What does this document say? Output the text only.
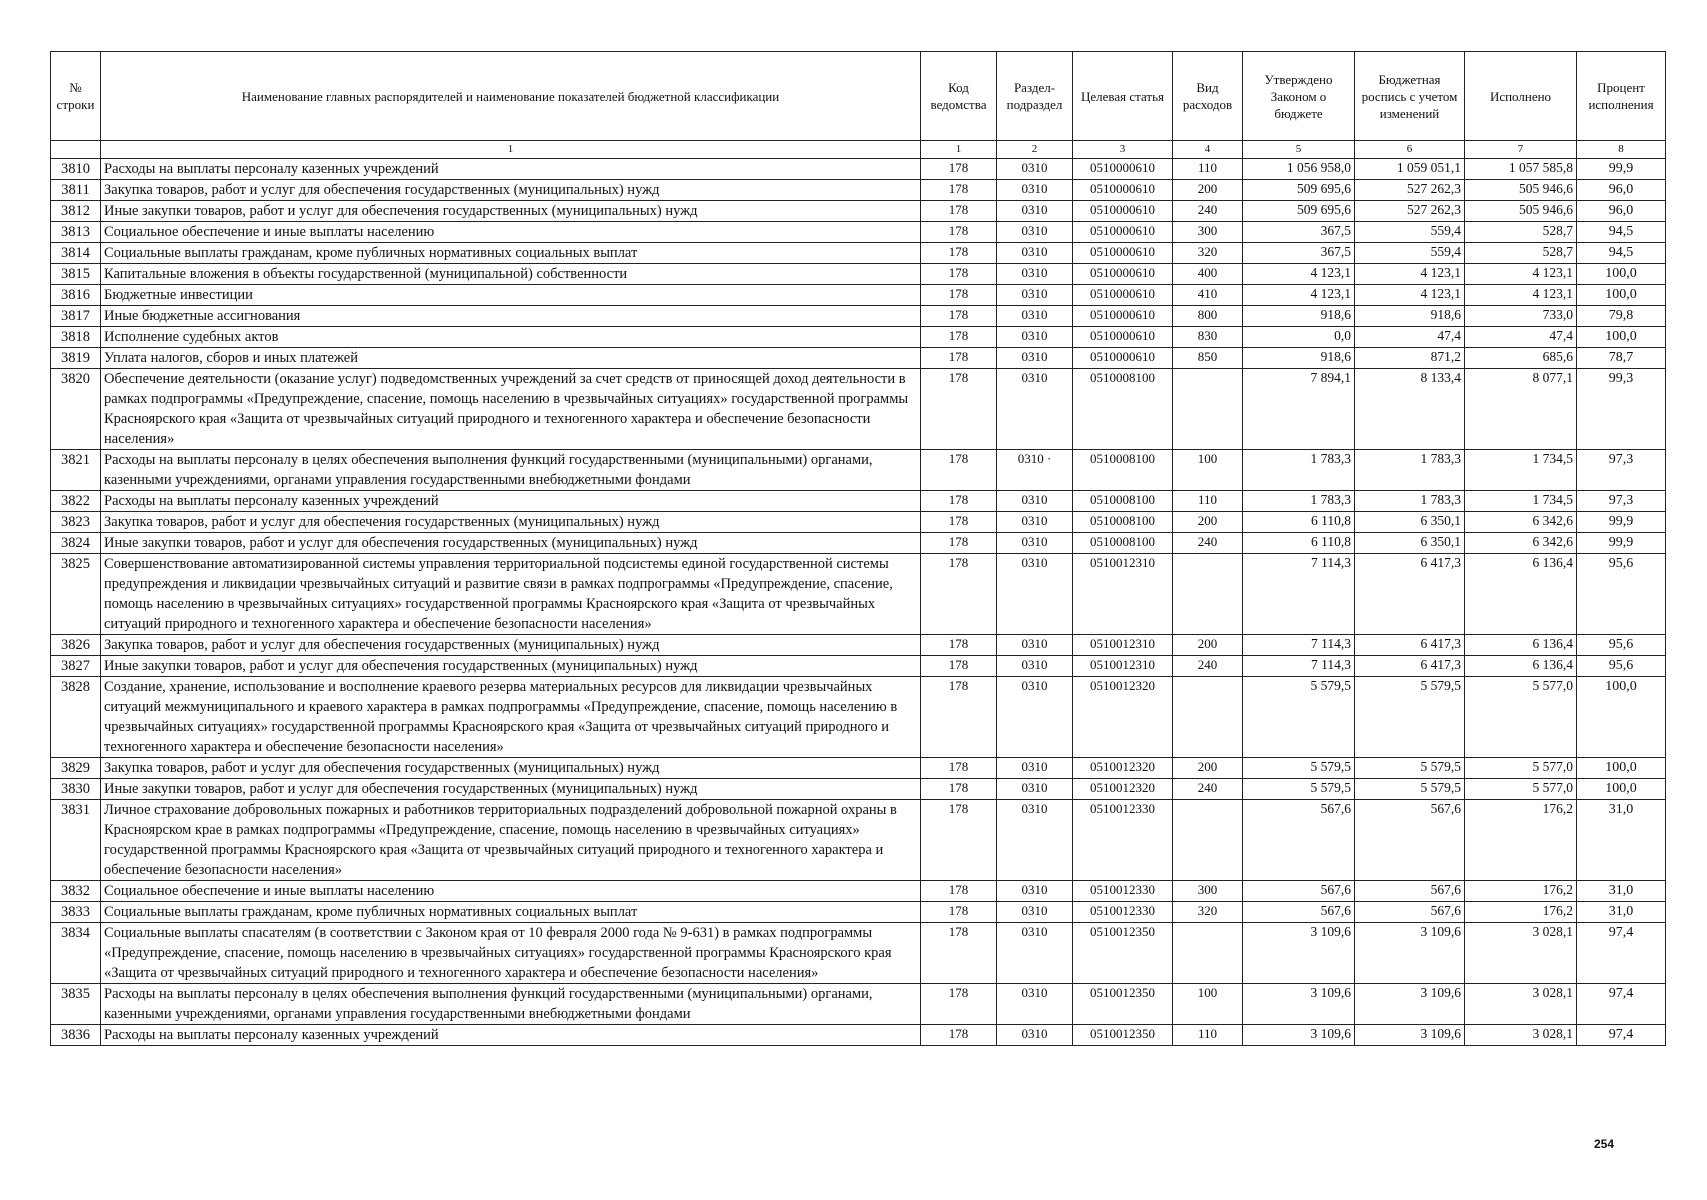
№ строки	Наименование главных распорядителей и наименование показателей бюджетной классификации	Код ведомства	Раздел-подраздел	Целевая статья	Вид расходов	Утверждено Законом о бюджете	Бюджетная роспись с учетом изменений	Исполнено	Процент исполнения
	1	1	2	3	4	5	6	7	8
3810	Расходы на выплаты персоналу казенных учреждений	178	0310	0510000610	110	1 056 958,0	1 059 051,1	1 057 585,8	99,9
3811	Закупка товаров, работ и услуг для обеспечения государственных (муниципальных) нужд	178	0310	0510000610	200	509 695,6	527 262,3	505 946,6	96,0
3812	Иные закупки товаров, работ и услуг для обеспечения государственных (муниципальных) нужд	178	0310	0510000610	240	509 695,6	527 262,3	505 946,6	96,0
3813	Социальное обеспечение и иные выплаты населению	178	0310	0510000610	300	367,5	559,4	528,7	94,5
3814	Социальные выплаты гражданам, кроме публичных нормативных социальных выплат	178	0310	0510000610	320	367,5	559,4	528,7	94,5
3815	Капитальные вложения в объекты государственной (муниципальной) собственности	178	0310	0510000610	400	4 123,1	4 123,1	4 123,1	100,0
3816	Бюджетные инвестиции	178	0310	0510000610	410	4 123,1	4 123,1	4 123,1	100,0
3817	Иные бюджетные ассигнования	178	0310	0510000610	800	918,6	918,6	733,0	79,8
3818	Исполнение судебных актов	178	0310	0510000610	830	0,0	47,4	47,4	100,0
3819	Уплата налогов, сборов и иных платежей	178	0310	0510000610	850	918,6	871,2	685,6	78,7
3820	Обеспечение деятельности (оказание услуг) подведомственных учреждений за счет средств от приносящей доход деятельности в рамках подпрограммы «Предупреждение, спасение, помощь населению в чрезвычайных ситуациях» государственной программы Красноярского края «Защита от чрезвычайных ситуаций природного и техногенного характера и обеспечение безопасности населения»	178	0310	0510008100		7 894,1	8 133,4	8 077,1	99,3
3821	Расходы на выплаты персоналу в целях обеспечения выполнения функций государственными (муниципальными) органами, казенными учреждениями, органами управления государственными внебюджетными фондами	178	0310 ·	0510008100	100	1 783,3	1 783,3	1 734,5	97,3
3822	Расходы на выплаты персоналу казенных учреждений	178	0310	0510008100	110	1 783,3	1 783,3	1 734,5	97,3
3823	Закупка товаров, работ и услуг для обеспечения государственных (муниципальных) нужд	178	0310	0510008100	200	6 110,8	6 350,1	6 342,6	99,9
3824	Иные закупки товаров, работ и услуг для обеспечения государственных (муниципальных) нужд	178	0310	0510008100	240	6 110,8	6 350,1	6 342,6	99,9
3825	Совершенствование автоматизированной системы управления территориальной подсистемы единой государственной системы предупреждения и ликвидации чрезвычайных ситуаций и развитие связи в рамках подпрограммы «Предупреждение, спасение, помощь населению в чрезвычайных ситуациях» государственной программы Красноярского края «Защита от чрезвычайных ситуаций природного и техногенного характера и обеспечение безопасности населения»	178	0310	0510012310		7 114,3	6 417,3	6 136,4	95,6
3826	Закупка товаров, работ и услуг для обеспечения государственных (муниципальных) нужд	178	0310	0510012310	200	7 114,3	6 417,3	6 136,4	95,6
3827	Иные закупки товаров, работ и услуг для обеспечения государственных (муниципальных) нужд	178	0310	0510012310	240	7 114,3	6 417,3	6 136,4	95,6
3828	Создание, хранение, использование и восполнение краевого резерва материальных ресурсов для ликвидации чрезвычайных ситуаций межмуниципального и краевого характера в рамках подпрограммы «Предупреждение, спасение, помощь населению в чрезвычайных ситуациях» государственной программы Красноярского края «Защита от чрезвычайных ситуаций природного и техногенного характера и обеспечение безопасности населения»	178	0310	0510012320		5 579,5	5 579,5	5 577,0	100,0
3829	Закупка товаров, работ и услуг для обеспечения государственных (муниципальных) нужд	178	0310	0510012320	200	5 579,5	5 579,5	5 577,0	100,0
3830	Иные закупки товаров, работ и услуг для обеспечения государственных (муниципальных) нужд	178	0310	0510012320	240	5 579,5	5 579,5	5 577,0	100,0
3831	Личное страхование добровольных пожарных и работников территориальных подразделений добровольной пожарной охраны в Красноярском крае в рамках подпрограммы «Предупреждение, спасение, помощь населению в чрезвычайных ситуациях» государственной программы Красноярского края «Защита от чрезвычайных ситуаций природного и техногенного характера и обеспечение безопасности населения»	178	0310	0510012330		567,6	567,6	176,2	31,0
3832	Социальное обеспечение и иные выплаты населению	178	0310	0510012330	300	567,6	567,6	176,2	31,0
3833	Социальные выплаты гражданам, кроме публичных нормативных социальных выплат	178	0310	0510012330	320	567,6	567,6	176,2	31,0
3834	Социальные выплаты спасателям (в соответствии с Законом края от 10 февраля 2000 года № 9-631) в рамках подпрограммы «Предупреждение, спасение, помощь населению в чрезвычайных ситуациях» государственной программы Красноярского края «Защита от чрезвычайных ситуаций природного и техногенного характера и обеспечение безопасности населения»	178	0310	0510012350		3 109,6	3 109,6	3 028,1	97,4
3835	Расходы на выплаты персоналу в целях обеспечения выполнения функций государственными (муниципальными) органами, казенными учреждениями, органами управления государственными внебюджетными фондами	178	0310	0510012350	100	3 109,6	3 109,6	3 028,1	97,4
3836	Расходы на выплаты персоналу казенных учреждений	178	0310	0510012350	110	3 109,6	3 109,6	3 028,1	97,4
254
